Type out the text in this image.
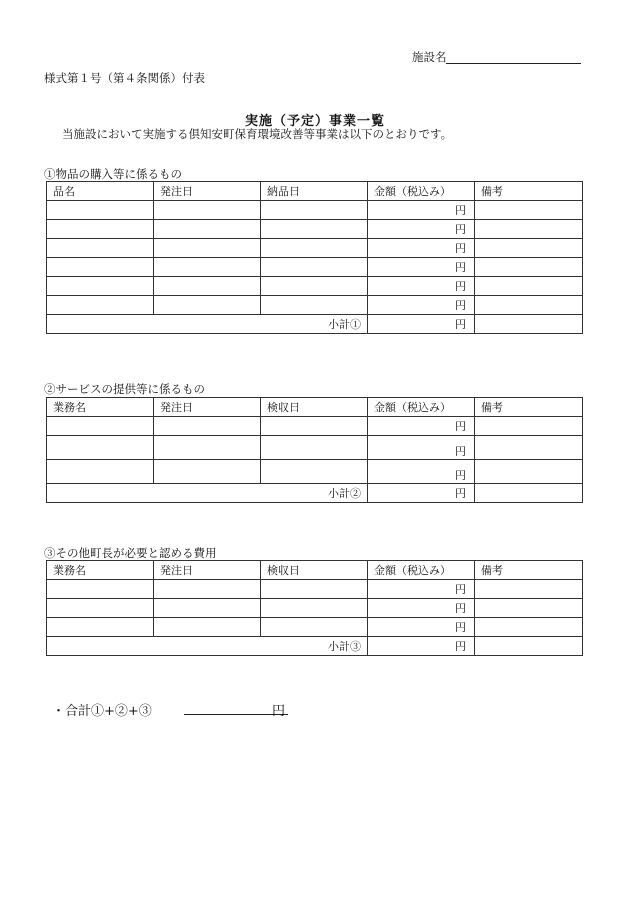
施設名
様式第１号（第４条関係）付表
実施（予定）事業一覧
当施設において実施する倶知安町保育環境改善等事業は以下のとおりです。
①物品の購入等に係るもの
品名	発注日	納品日	金額（税込み）	備考
			円	
			円	
			円	
			円	
			円	
			円	
小計①			円	
②サービスの提供等に係るもの
業務名	発注日	検収日	金額（税込み）	備考
			円	
			円	
			円	
小計②			円	
③その他町長が必要と認める費用
業務名	発注日	検収日	金額（税込み）	備考
			円	
			円	
			円	
小計③			円	
・合計①+②+③	円
